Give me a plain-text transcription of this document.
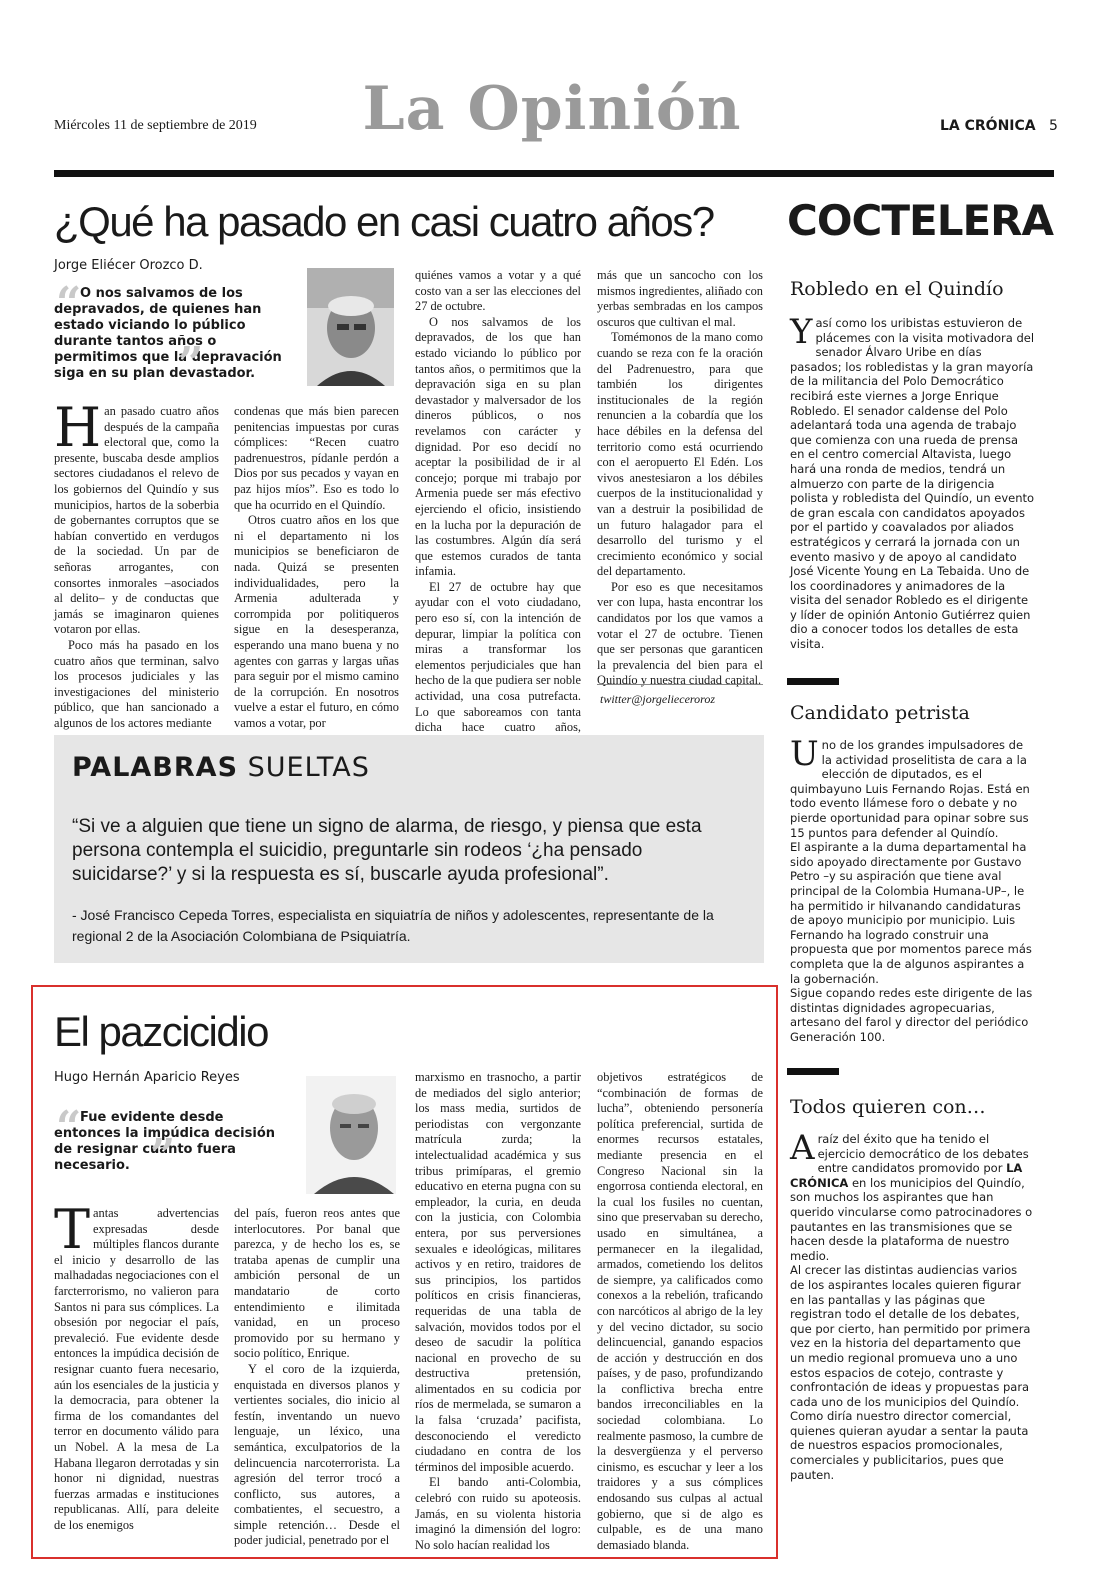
Miércoles 11 de septiembre de 2019	La Opinión	LA CRÓNICA 5
¿Qué ha pasado en casi cuatro años?
Jorge Eliécer Orozco D.
“
O nos salvamos de los depravados, de quienes han estado viciando lo público durante tantos años o permitimos que la depravación siga en su plan devastador.
”
H an pasado cuatro años después de la campaña electoral que, como la presente, buscaba desde amplios sectores ciudadanos el relevo de los gobiernos del Quindío y sus municipios, hartos de la soberbia de gobernantes corruptos que se habían convertido en verdugos de la sociedad. Un par de señoras arrogantes, con consortes inmorales –asociados al delito– y de conductas que jamás se imaginaron quienes votaron por ellas.

Poco más ha pasado en los cuatro años que terminan, salvo los procesos judiciales y las investigaciones del ministerio público, que han sancionado a algunos de los actores mediante

condenas que más bien parecen penitencias impuestas por curas cómplices: “Recen cuatro padrenuestros, pídanle perdón a Dios por sus pecados y vayan en paz hijos míos”. Eso es todo lo que ha ocurrido en el Quindío.

Otros cuatro años en los que ni el departamento ni los municipios se beneficiaron de nada. Quizá se presenten individualidades, pero la Armenia adulterada y corrompida por politiqueros sigue en la desesperanza, esperando una mano buena y no agentes con garras y largas uñas para seguir por el mismo camino de la corrupción. En nosotros vuelve a estar el futuro, en cómo vamos a votar, por

quiénes vamos a votar y a qué costo van a ser las elecciones del 27 de octubre.

O nos salvamos de los depravados, de los que han estado viciando lo público por tantos años, o permitimos que la depravación siga en su plan devastador y malversador de los dineros públicos, o nos revelamos con carácter y dignidad. Por eso decidí no aceptar la posibilidad de ir al concejo; porque mi trabajo por Armenia puede ser más efectivo ejerciendo el oficio, insistiendo en la lucha por la depuración de las costumbres. Algún día será que estemos curados de tanta infamia.

El 27 de octubre hay que ayudar con el voto ciudadano, pero eso sí, con la intención de depurar, limpiar la política con miras a transformar los elementos perjudiciales que han hecho de la que pudiera ser noble actividad, una cosa putrefacta. Lo que saboreamos con tanta dicha hace cuatro años,

más que un sancocho con los mismos ingredientes, aliñado con yerbas sembradas en los campos oscuros que cultivan el mal.

Tomémonos de la mano como cuando se reza con fe la oración del Padrenuestro, para que también los dirigentes institucionales de la región renuncien a la cobardía que los hace débiles en la defensa del territorio como está ocurriendo con el aeropuerto El Edén. Los vivos anestesiaron a los débiles cuerpos de la institucionalidad y van a destruir la posibilidad de un futuro halagador para el desarrollo del turismo y el crecimiento económico y social del departamento.

Por eso es que necesitamos ver con lupa, hasta encontrar los candidatos por los que vamos a votar el 27 de octubre. Tienen que ser personas que garanticen la prevalencia del bien para el Quindío y nuestra ciudad capital.

twitter@jorgelieceroroz
COCTELERA
Robledo en el Quindío
Y así como los uribistas estuvieron de plácemes con la visita motivadora del senador Álvaro Uribe en días pasados; los robledistas y la gran mayoría de la militancia del Polo Democrático recibirá este viernes a Jorge Enrique Robledo. El senador caldense del Polo adelantará toda una agenda de trabajo que comienza con una rueda de prensa en el centro comercial Altavista, luego hará una ronda de medios, tendrá un almuerzo con parte de la dirigencia polista y robledista del Quindío, un evento de gran escala con candidatos apoyados por el partido y coavalados por aliados estratégicos y cerrará la jornada con un evento masivo y de apoyo al candidato José Vicente Young en La Tebaida. Uno de los coordinadores y animadores de la visita del senador Robledo es el dirigente y líder de opinión Antonio Gutiérrez quien dio a conocer todos los detalles de esta visita.

Candidato petrista
U no de los grandes impulsadores de la actividad proselitista de cara a la elección de diputados, es el quimbayuno Luis Fernando Rojas. Está en todo evento llámese foro o debate y no pierde oportunidad para opinar sobre sus 15 puntos para defender al Quindío.

El aspirante a la duma departamental ha sido apoyado directamente por Gustavo Petro –y su aspiración que tiene aval principal de la Colombia Humana-UP–, le ha permitido ir hilvanando candidaturas de apoyo municipio por municipio. Luis Fernando ha logrado construir una propuesta que por momentos parece más completa que la de algunos aspirantes a la gobernación.

Sigue copando redes este dirigente de las distintas dignidades agropecuarias, artesano del farol y director del periódico Generación 100.

Todos quieren con…
A raíz del éxito que ha tenido el ejercicio democrático de los debates entre candidatos promovido por LA CRÓNICA en los municipios del Quindío, son muchos los aspirantes que han querido vincularse como patrocinadores o pautantes en las transmisiones que se hacen desde la plataforma de nuestro medio.

Al crecer las distintas audiencias varios de los aspirantes locales quieren figurar en las pantallas y las páginas que registran todo el detalle de los debates, que por cierto, han permitido por primera vez en la historia del departamento que un medio regional promueva uno a uno estos espacios de cotejo, contraste y confrontación de ideas y propuestas para cada uno de los municipios del Quindío.

Como diría nuestro director comercial, quienes quieran ayudar a sentar la pauta de nuestros espacios promocionales, comerciales y publicitarios, pues que pauten.

PALABRAS SUELTAS
“Si ve a alguien que tiene un signo de alarma, de riesgo, y piensa que esta persona contempla el suicidio, preguntarle sin rodeos ‘¿ha pensado suicidarse?’ y si la respuesta es sí, buscarle ayuda profesional”.
- José Francisco Cepeda Torres, especialista en siquiatría de niños y adolescentes, representante de la regional 2 de la Asociación Colombiana de Psiquiatría.
El pazcicidio
Hugo Hernán Aparicio Reyes
“
Fue evidente desde entonces la impúdica decisión de resignar cuanto fuera necesario. ”
T antas advertencias expresadas desde múltiples flancos durante el inicio y desarrollo de las malhadadas negociaciones con el farcterrorismo, no valieron para Santos ni para sus cómplices. La obsesión por negociar el país, prevaleció. Fue evidente desde entonces la impúdica decisión de resignar cuanto fuera necesario, aún los esenciales de la justicia y la democracia, para obtener la firma de los comandantes del terror en documento válido para un Nobel. A la mesa de La Habana llegaron derrotadas y sin honor ni dignidad, nuestras fuerzas armadas e instituciones republicanas. Allí, para deleite de los enemigos

del país, fueron reos antes que interlocutores. Por banal que parezca, y de hecho los es, se trataba apenas de cumplir una ambición personal de un mandatario de corto entendimiento e ilimitada vanidad, en un proceso promovido por su hermano y socio político, Enrique.

Y el coro de la izquierda, enquistada en diversos planos y vertientes sociales, dio inicio al festín, inventando un nuevo lenguaje, un léxico, una semántica, exculpatorios de la delincuencia narcoterrorista. La agresión del terror trocó a conflicto, sus autores, a combatientes, el secuestro, a simple retención… Desde el poder judicial, penetrado por el

marxismo en trasnocho, a partir de mediados del siglo anterior; los mass media, surtidos de periodistas con vergonzante matrícula zurda; la intelectualidad académica y sus tribus primíparas, el gremio educativo en eterna pugna con su empleador, la curia, en deuda con la justicia, con Colombia entera, por sus perversiones sexuales e ideológicas, militares activos y en retiro, traidores de sus principios, los partidos políticos en crisis financieras, requeridas de una tabla de salvación, movidos todos por el deseo de sacudir la política nacional en provecho de su destructiva pretensión, alimentados en su codicia por ríos de mermelada, se sumaron a la falsa ‘cruzada’ pacifista, desconociendo el veredicto ciudadano en contra de los términos del imposible acuerdo.

El bando anti-Colombia, celebró con ruido su apoteosis. Jamás, en su violenta historia imaginó la dimensión del logro: No solo hacían realidad los

objetivos estratégicos de “combinación de formas de lucha”, obteniendo personería política preferencial, surtida de enormes recursos estatales, mediante presencia en el Congreso Nacional sin la engorrosa contienda electoral, en la cual los fusiles no cuentan, sino que preservaban su derecho, usado en simultánea, a permanecer en la ilegalidad, armados, cometiendo los delitos de siempre, ya calificados como conexos a la rebelión, traficando con narcóticos al abrigo de la ley y del vecino dictador, su socio delincuencial, ganando espacios de acción y destrucción en dos países, y de paso, profundizando la conflictiva brecha entre bandos irreconciliables en la sociedad colombiana. Lo realmente pasmoso, la cumbre de la desvergüenza y el perverso cinismo, es escuchar y leer a los traidores y a sus cómplices endosando sus culpas al actual gobierno, que si de algo es culpable, es de una mano demasiado blanda.
